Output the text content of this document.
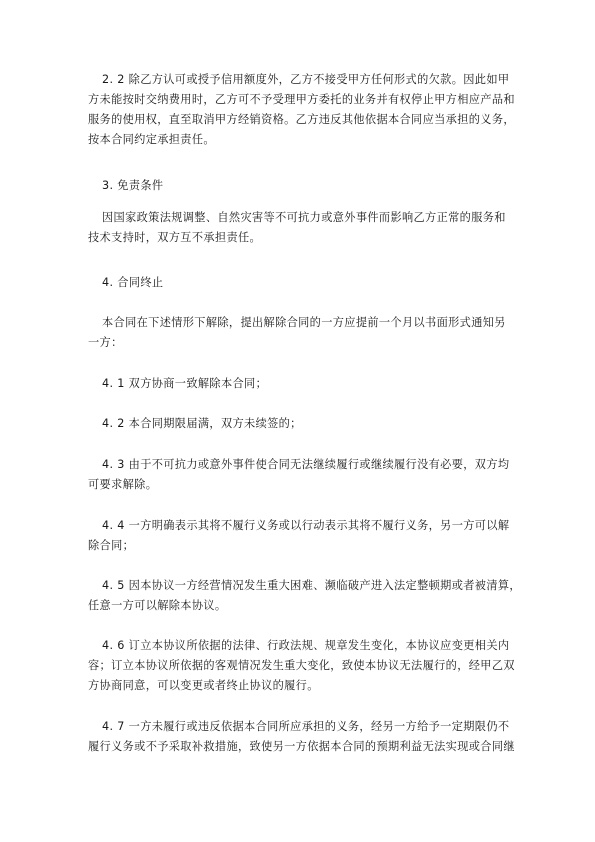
2. 2 除乙方认可或授予信用额度外，乙方不接受甲方任何形式的欠款。因此如甲
方未能按时交纳费用时，乙方可不予受理甲方委托的业务并有权停止甲方相应产品和
服务的使用权，直至取消甲方经销资格。乙方违反其他依据本合同应当承担的义务，
按本合同约定承担责任。
3. 免责条件
因国家政策法规调整、自然灾害等不可抗力或意外事件而影响乙方正常的服务和
技术支持时，双方互不承担责任。
4. 合同终止
本合同在下述情形下解除，提出解除合同的一方应提前一个月以书面形式通知另
一方：
4. 1 双方协商一致解除本合同；
4. 2 本合同期限届满，双方未续签的；
4. 3 由于不可抗力或意外事件使合同无法继续履行或继续履行没有必要，双方均
可要求解除。
4. 4 一方明确表示其将不履行义务或以行动表示其将不履行义务，另一方可以解
除合同；
4. 5 因本协议一方经营情况发生重大困难、濒临破产进入法定整顿期或者被清算，
任意一方可以解除本协议。
4. 6 订立本协议所依据的法律、行政法规、规章发生变化，本协议应变更相关内
容；订立本协议所依据的客观情况发生重大变化，致使本协议无法履行的，经甲乙双
方协商同意，可以变更或者终止协议的履行。
4. 7 一方未履行或违反依据本合同所应承担的义务，经另一方给予一定期限仍不
履行义务或不予采取补救措施，致使另一方依据本合同的预期利益无法实现或合同继
